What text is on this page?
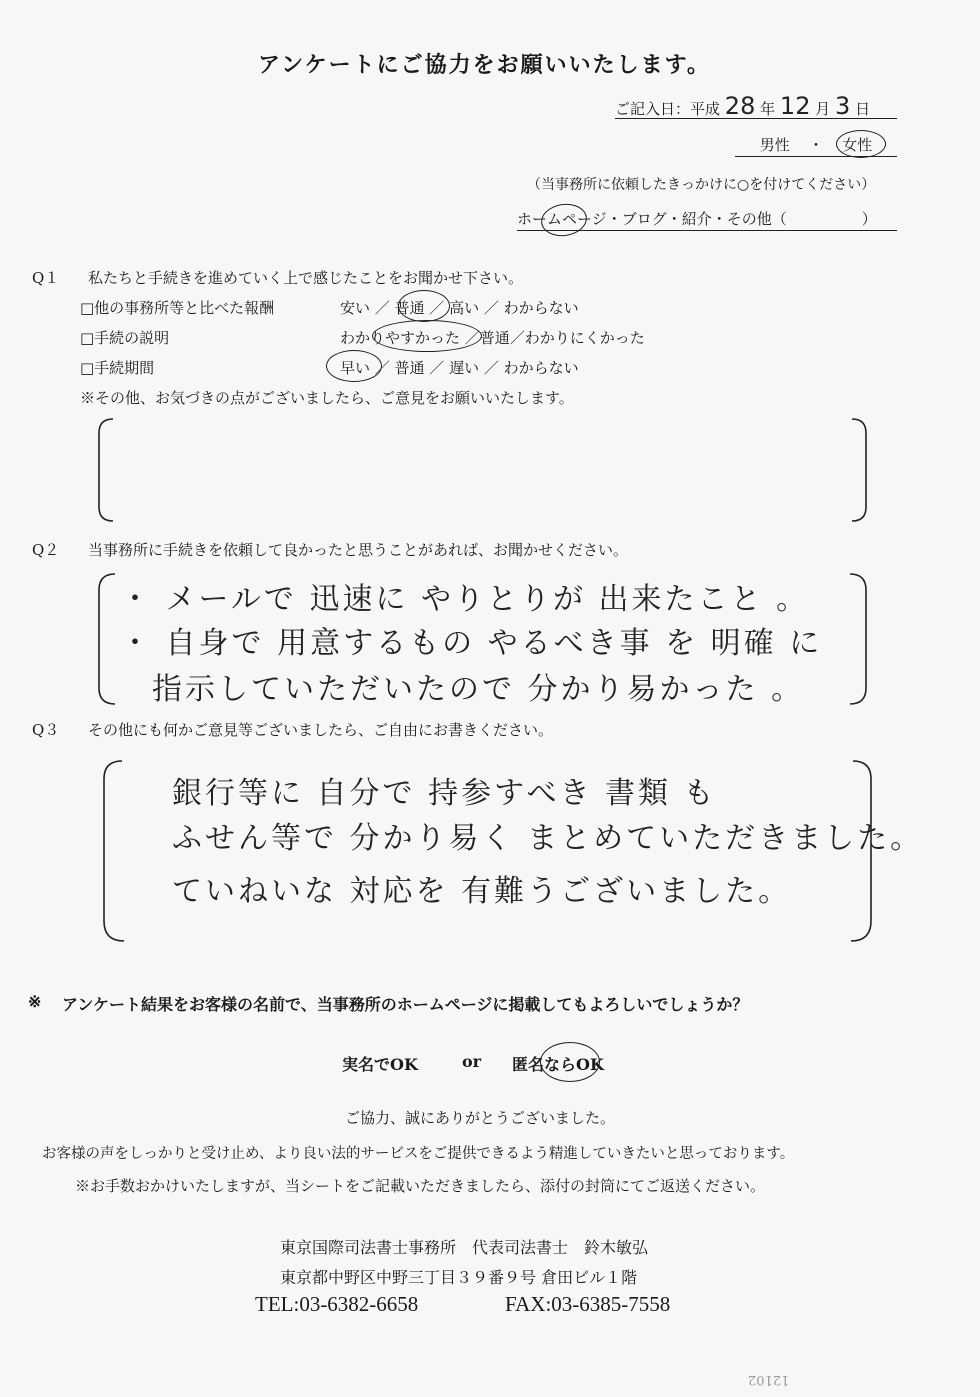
アンケートにご協力をお願いいたします。
ご記入日：平成 28 年 12 月 3 日
男性 ・ 女性
（当事務所に依頼したきっかけに○を付けてください）
ホームページ・ブログ・紹介・その他（　　　　　）
Q１ 私たちと手続きを進めていく上で感じたことをお聞かせ下さい。
□他の事務所等と比べた報酬	安い ／ 普通 ／ 高い ／ わからない
□手続の説明	わかりやすかった ／普通／わかりにくかった
□手続期間	早い ／ 普通 ／ 遅い ／ わからない
※その他、お気づきの点がございましたら、ご意見をお願いいたします。
Q２ 当事務所に手続きを依頼して良かったと思うことがあれば、お聞かせください。
・ メールで 迅速に やりとりが 出来たこと 。
・ 自身で 用意するもの やるべき事 を 明確 に
指示していただいたので 分かり易かった 。
Q３ その他にも何かご意見等ございましたら、ご自由にお書きください。
銀行等に 自分で 持参すべき 書類 も
ふせん等で 分かり易く まとめていただきました。
ていねいな 対応を 有難うございました。
※ アンケート結果をお客様の名前で、当事務所のホームページに掲載してもよろしいでしょうか？
実名でOK	or 匿名ならOK
ご協力、誠にありがとうございました。
お客様の声をしっかりと受け止め、より良い法的サービスをご提供できるよう精進していきたいと思っております。
※お手数おかけいたしますが、当シートをご記載いただきましたら、添付の封筒にてご返送ください。
東京国際司法書士事務所　代表司法書士　鈴木敏弘
東京都中野区中野三丁目３９番９号 倉田ビル１階
TEL:03-6382-6658	FAX:03-6385-7558
12102
